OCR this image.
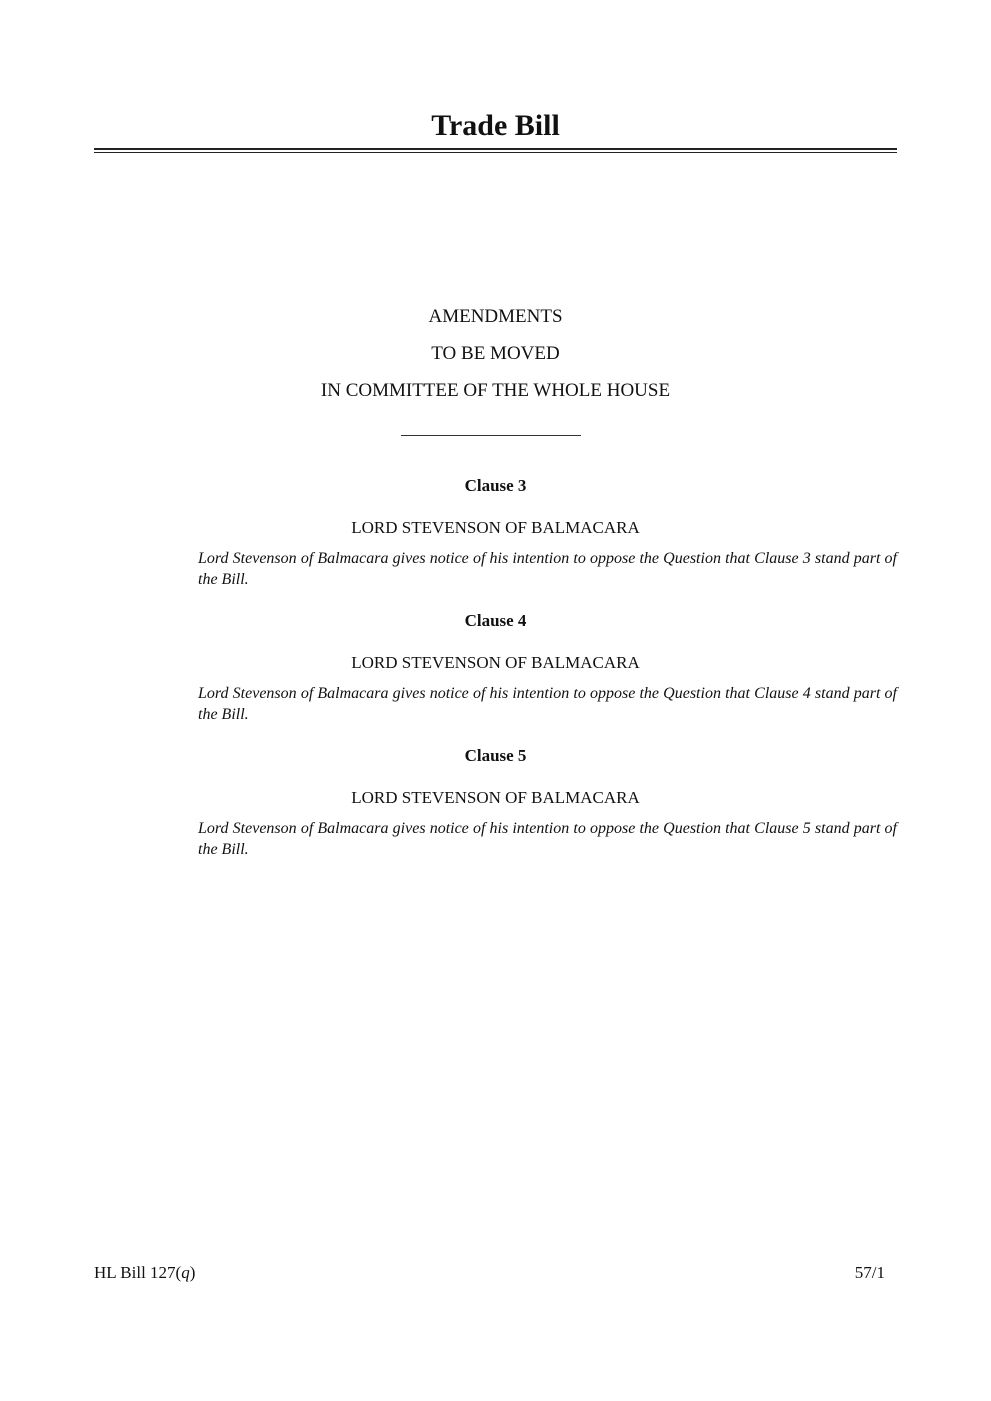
Trade Bill
AMENDMENTS
TO BE MOVED
IN COMMITTEE OF THE WHOLE HOUSE
Clause 3
LORD STEVENSON OF BALMACARA
Lord Stevenson of Balmacara gives notice of his intention to oppose the Question that Clause 3 stand part of the Bill.
Clause 4
LORD STEVENSON OF BALMACARA
Lord Stevenson of Balmacara gives notice of his intention to oppose the Question that Clause 4 stand part of the Bill.
Clause 5
LORD STEVENSON OF BALMACARA
Lord Stevenson of Balmacara gives notice of his intention to oppose the Question that Clause 5 stand part of the Bill.
HL Bill 127(q)	57/1
